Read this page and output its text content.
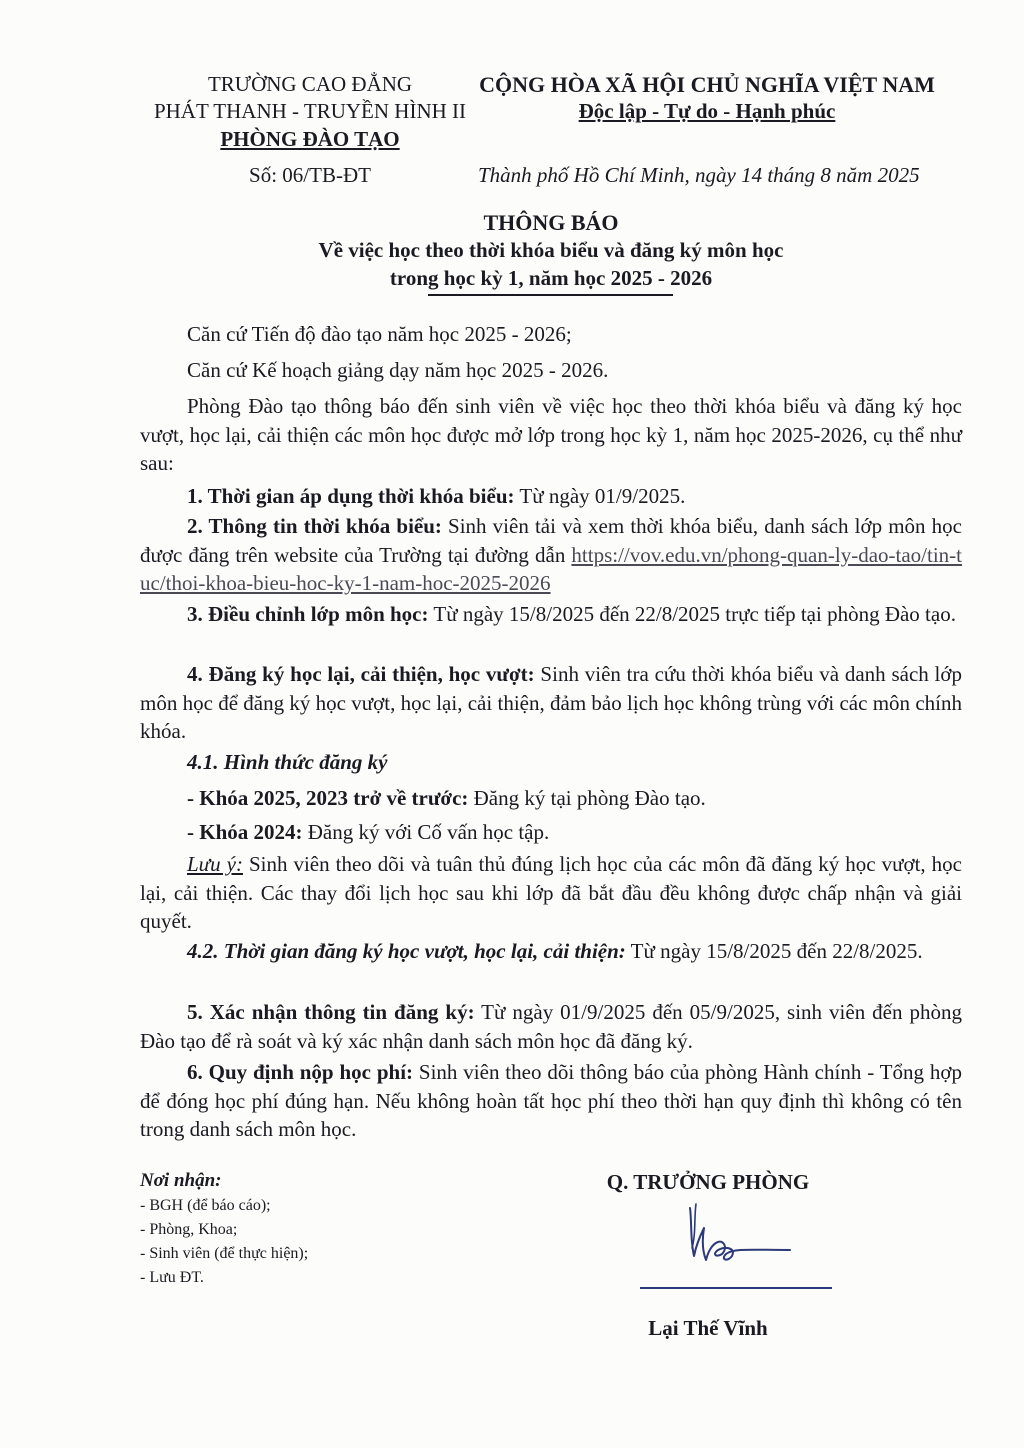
TRƯỜNG CAO ĐẲNG
PHÁT THANH - TRUYỀN HÌNH II
PHÒNG ĐÀO TẠO
Số: 06/TB-ĐT
CỘNG HÒA XÃ HỘI CHỦ NGHĨA VIỆT NAM
Độc lập - Tự do - Hạnh phúc
Thành phố Hồ Chí Minh, ngày 14 tháng 8 năm 2025
THÔNG BÁO
Về việc học theo thời khóa biểu và đăng ký môn học
trong học kỳ 1, năm học 2025 - 2026
Căn cứ Tiến độ đào tạo năm học 2025 - 2026;
Căn cứ Kế hoạch giảng dạy năm học 2025 - 2026.
Phòng Đào tạo thông báo đến sinh viên về việc học theo thời khóa biểu và đăng ký học vượt, học lại, cải thiện các môn học được mở lớp trong học kỳ 1, năm học 2025-2026, cụ thể như sau:
1. Thời gian áp dụng thời khóa biểu: Từ ngày 01/9/2025.
2. Thông tin thời khóa biểu: Sinh viên tải và xem thời khóa biểu, danh sách lớp môn học được đăng trên website của Trường tại đường dẫn https://vov.edu.vn/phong-quan-ly-dao-tao/tin-tuc/thoi-khoa-bieu-hoc-ky-1-nam-hoc-2025-2026
3. Điều chỉnh lớp môn học: Từ ngày 15/8/2025 đến 22/8/2025 trực tiếp tại phòng Đào tạo.
4. Đăng ký học lại, cải thiện, học vượt: Sinh viên tra cứu thời khóa biểu và danh sách lớp môn học để đăng ký học vượt, học lại, cải thiện, đảm bảo lịch học không trùng với các môn chính khóa.
4.1. Hình thức đăng ký
- Khóa 2025, 2023 trở về trước: Đăng ký tại phòng Đào tạo.
- Khóa 2024: Đăng ký với Cố vấn học tập.
Lưu ý: Sinh viên theo dõi và tuân thủ đúng lịch học của các môn đã đăng ký học vượt, học lại, cải thiện. Các thay đổi lịch học sau khi lớp đã bắt đầu đều không được chấp nhận và giải quyết.
4.2. Thời gian đăng ký học vượt, học lại, cải thiện: Từ ngày 15/8/2025 đến 22/8/2025.
5. Xác nhận thông tin đăng ký: Từ ngày 01/9/2025 đến 05/9/2025, sinh viên đến phòng Đào tạo để rà soát và ký xác nhận danh sách môn học đã đăng ký.
6. Quy định nộp học phí: Sinh viên theo dõi thông báo của phòng Hành chính - Tổng hợp để đóng học phí đúng hạn. Nếu không hoàn tất học phí theo thời hạn quy định thì không có tên trong danh sách môn học.
Nơi nhận:
- BGH (để báo cáo);
- Phòng, Khoa;
- Sinh viên (để thực hiện);
- Lưu ĐT.
Q. TRƯỞNG PHÒNG
Lại Thế Vĩnh
